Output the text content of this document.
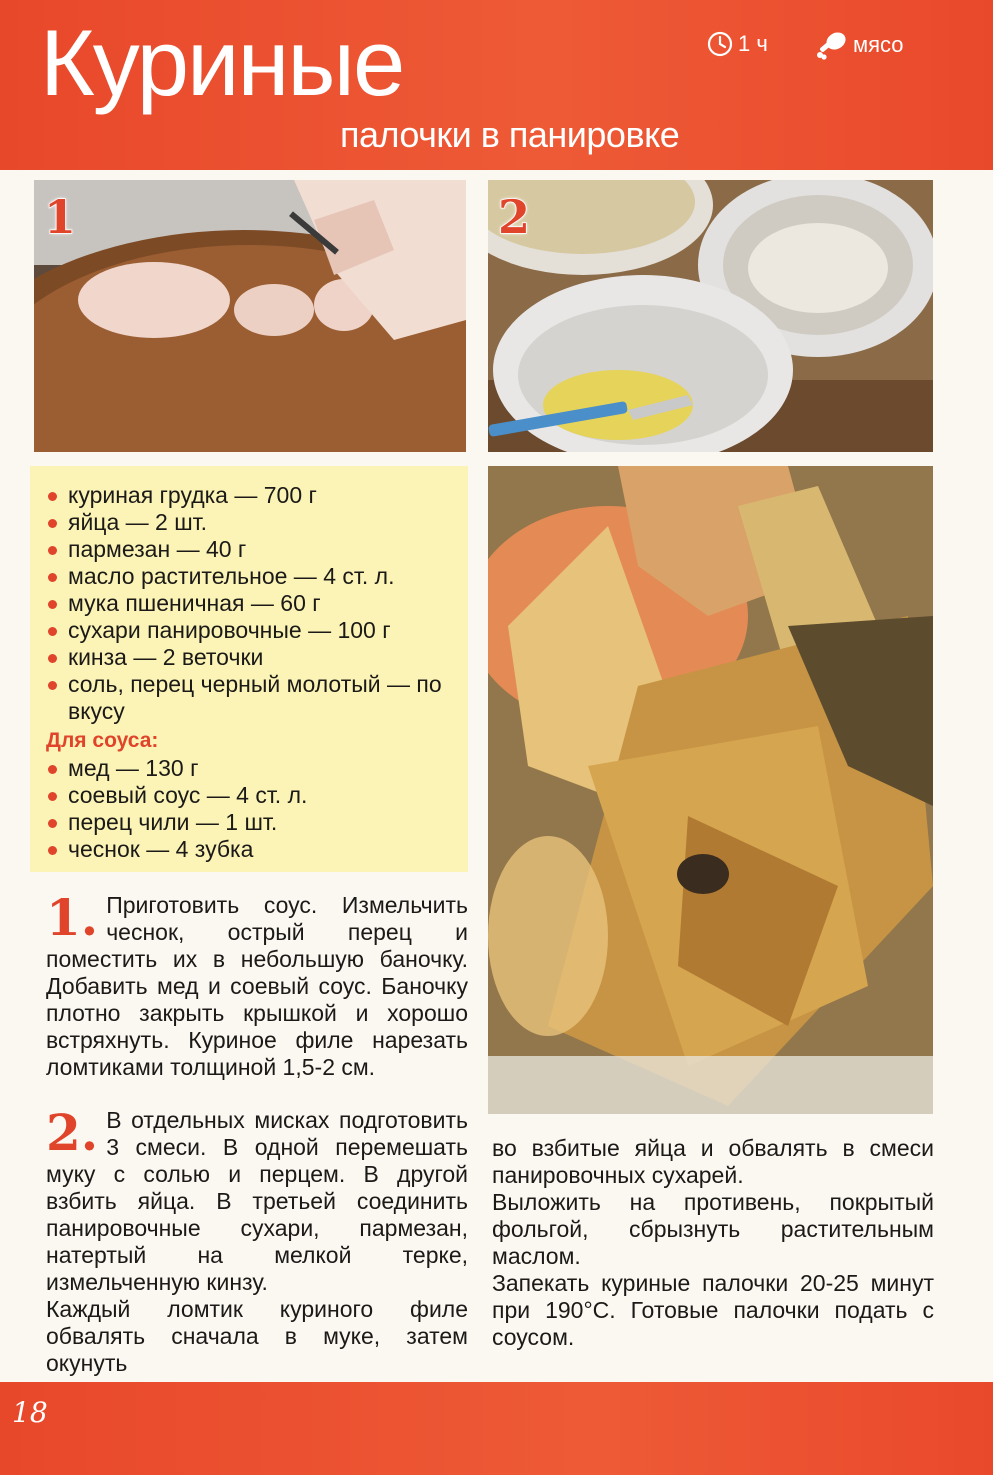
Куриные
палочки в панировке
1 ч	мясо
1	2
куриная грудка — 700 г
яйца — 2 шт.
пармезан — 40 г
масло растительное — 4 ст. л.
мука пшеничная — 60 г
сухари панировочные — 100 г
кинза — 2 веточки
соль, перец черный молотый — по вкусу
Для соуса:
мед — 130 г
соевый соус — 4 ст. л.
перец чили — 1 шт.
чеснок — 4 зубка
1. Приготовить соус. Измельчить чеснок, острый перец и поместить их в небольшую баночку. Добавить мед и соевый соус. Баночку плотно закрыть крышкой и хорошо встряхнуть. Куриное филе нарезать ломтиками толщиной 1,5-2 см.

2. В отдельных мисках подготовить 3 смеси. В одной перемешать муку с солью и перцем. В другой взбить яйца. В третьей соединить панировочные сухари, пармезан, натертый на мелкой терке, измельченную кинзу.

Каждый ломтик куриного филе обвалять сначала в муке, затем окунуть

во взбитые яйца и обвалять в смеси панировочных сухарей.

Выложить на противень, покрытый фольгой, сбрызнуть растительным маслом.

Запекать куриные палочки 20-25 минут при 190°С. Готовые палочки подать с соусом.

18
